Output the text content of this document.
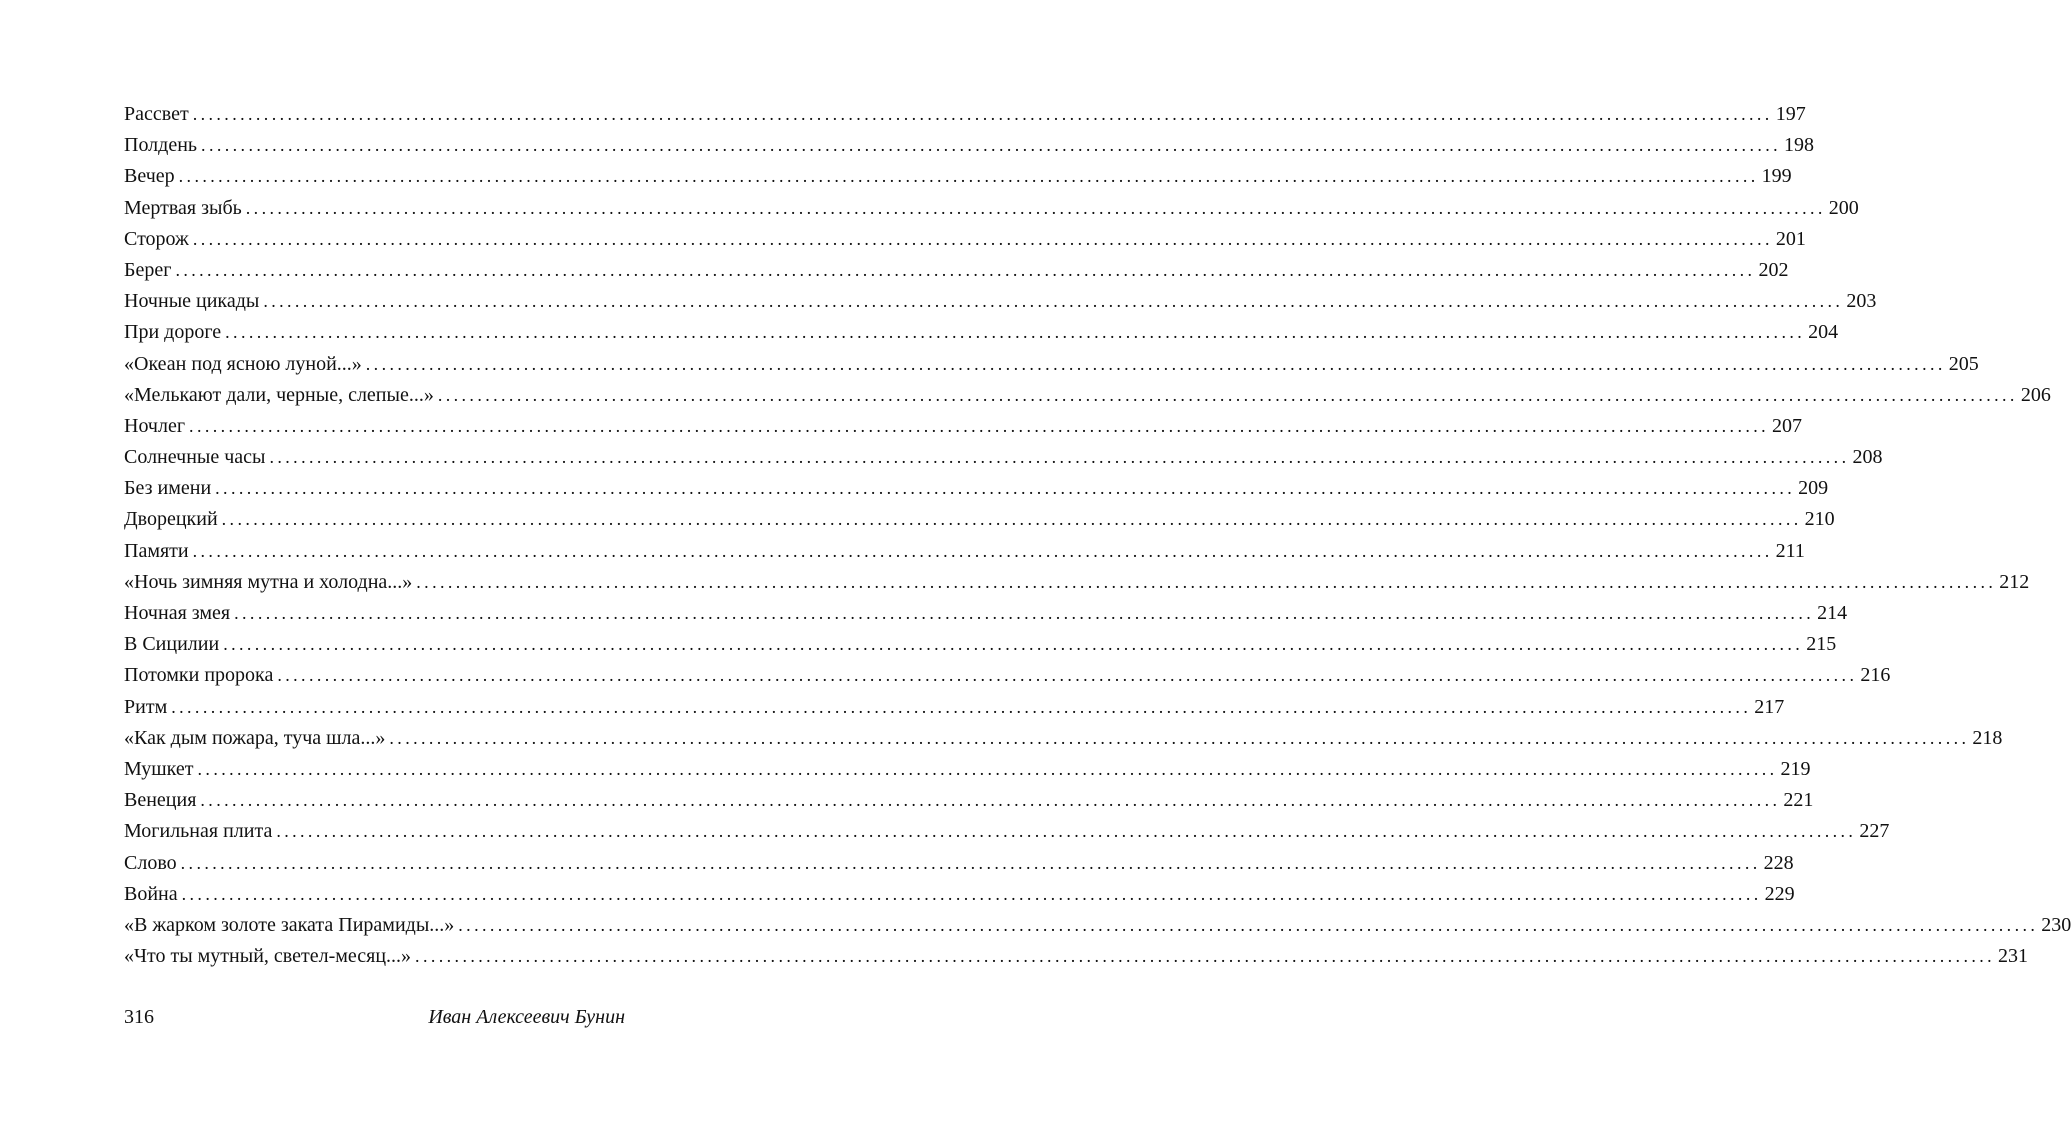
Рассвет ........................................................................................................................................................................................................ 197
Полдень ........................................................................................................................................................................................................ 198
Вечер ........................................................................................................................................................................................................ 199
Мертвая зыбь ........................................................................................................................................................................................................ 200
Сторож ........................................................................................................................................................................................................ 201
Берег ........................................................................................................................................................................................................ 202
Ночные цикады ........................................................................................................................................................................................................ 203
При дороге ........................................................................................................................................................................................................ 204
«Океан под ясною луной...» ........................................................................................................................................................................................................ 205
«Мелькают дали, черные, слепые...» ........................................................................................................................................................................................................ 206
Ночлег ........................................................................................................................................................................................................ 207
Солнечные часы ........................................................................................................................................................................................................ 208
Без имени ........................................................................................................................................................................................................ 209
Дворецкий ........................................................................................................................................................................................................ 210
Памяти ........................................................................................................................................................................................................ 211
«Ночь зимняя мутна и холодна...» ........................................................................................................................................................................................................ 212
Ночная змея ........................................................................................................................................................................................................ 214
В Сицилии ........................................................................................................................................................................................................ 215
Потомки пророка ........................................................................................................................................................................................................ 216
Ритм ........................................................................................................................................................................................................ 217
«Как дым пожара, туча шла...» ........................................................................................................................................................................................................ 218
Мушкет ........................................................................................................................................................................................................ 219
Венеция ........................................................................................................................................................................................................ 221
Могильная плита ........................................................................................................................................................................................................ 227
Слово ........................................................................................................................................................................................................ 228
Война ........................................................................................................................................................................................................ 229
«В жарком золоте заката Пирамиды...» ........................................................................................................................................................................................................ 230
«Что ты мутный, светел-месяц...» ........................................................................................................................................................................................................ 231
316	Иван Алексеевич Бунин
